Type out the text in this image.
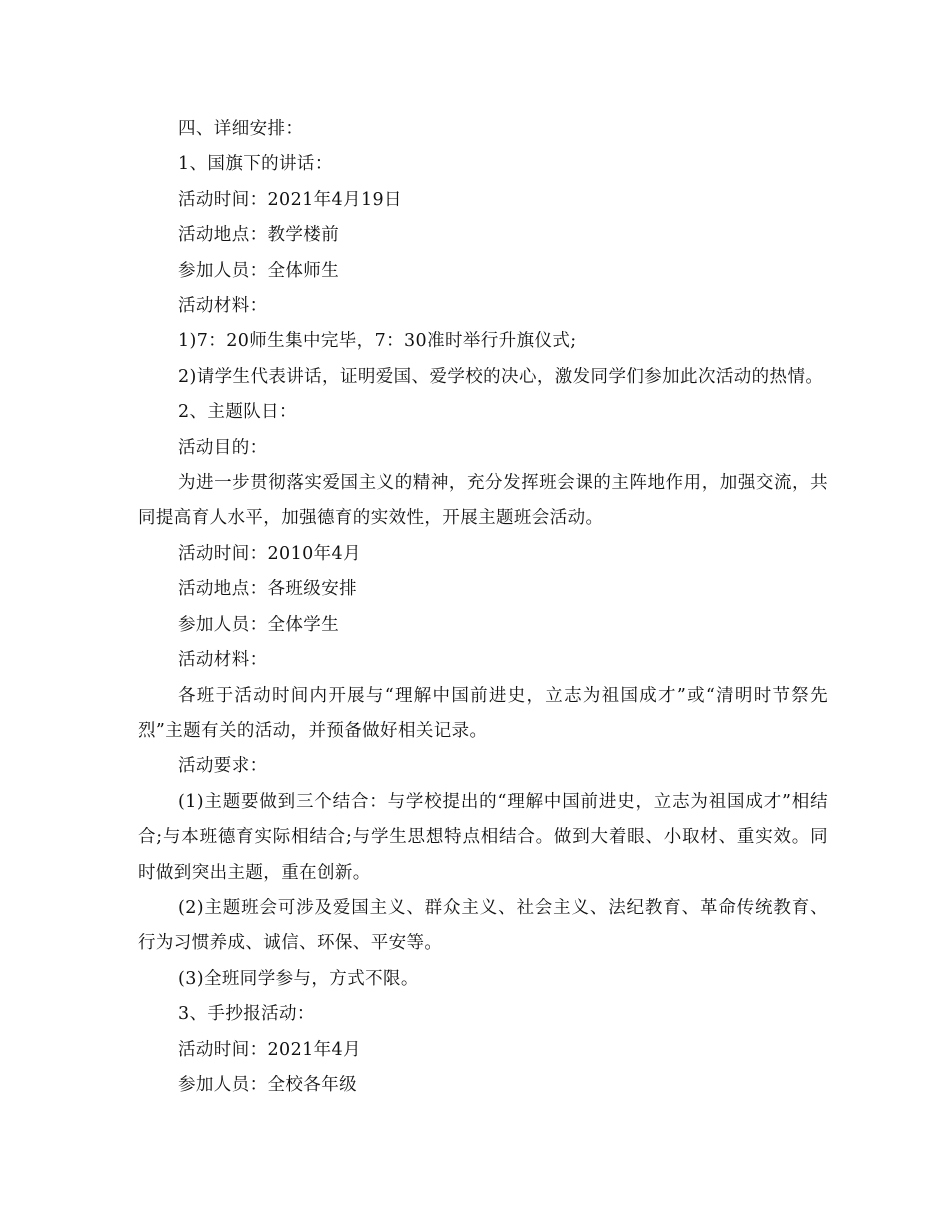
四、详细安排：

1、国旗下的讲话：

活动时间：2021年4月19日

活动地点：教学楼前

参加人员：全体师生

活动材料：

1)7：20师生集中完毕，7：30准时举行升旗仪式;

2)请学生代表讲话，证明爱国、爱学校的决心，激发同学们参加此次活动的热情。

2、主题队日：

活动目的：

为进一步贯彻落实爱国主义的精神，充分发挥班会课的主阵地作用，加强交流，共同提高育人水平，加强德育的实效性，开展主题班会活动。

活动时间：2010年4月

活动地点：各班级安排

参加人员：全体学生

活动材料：

各班于活动时间内开展与“理解中国前进史，立志为祖国成才”或“清明时节祭先烈”主题有关的活动，并预备做好相关记录。

活动要求：

(1)主题要做到三个结合：与学校提出的“理解中国前进史，立志为祖国成才”相结合;与本班德育实际相结合;与学生思想特点相结合。做到大着眼、小取材、重实效。同时做到突出主题，重在创新。

(2)主题班会可涉及爱国主义、群众主义、社会主义、法纪教育、革命传统教育、行为习惯养成、诚信、环保、平安等。

(3)全班同学参与，方式不限。

3、手抄报活动：

活动时间：2021年4月

参加人员：全校各年级
